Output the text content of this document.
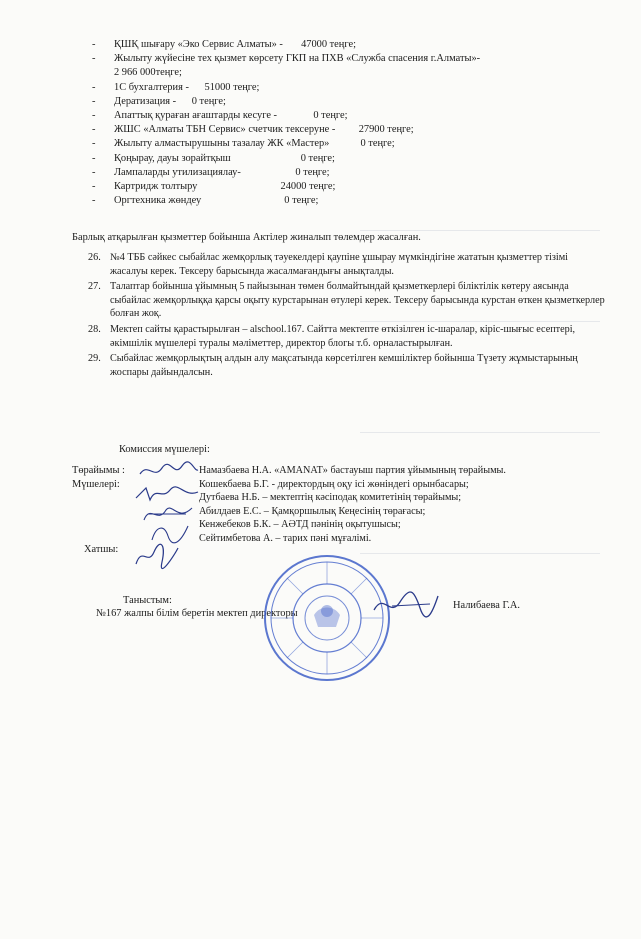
- ҚШҚ шығару «Эко Сервис Алматы» - 47000 теңге;
- Жылыту жүйесіне тех қызмет көрсету ГКП на ПХВ «Служба спасения г.Алматы»-
2 966 000теңге;
- 1С бухгалтерия - 51000 теңге;
- Дератизация - 0 теңге;
- Апаттық қураған ағаштарды кесуге -	0 теңге;
- ЖШС «Алматы ТБН Сервис» счетчик тексеруне - 27900 теңге;
- Жылыту алмастырушыны тазалау ЖК «Мастер»	0 теңге;
- Қоңырау, дауы зорайтқыш	0 теңге;
- Лампаларды утилизациялау-	0 теңге;
- Картридж толтыру	24000 теңге;
- Оргтехника жөндеу	0 теңге;
Барлық атқарылған қызметтер бойынша Актілер жиналып төлемдер жасалған.
26. №4 ТББ сәйкес сыбайлас жемқорлық тәуекелдері қаупіне ұшырау мүмкіндігіне жататын қызметтер тізімі жасалуы керек. Тексеру барысында жасалмағандығы анықталды.
27. Талаптар бойынша ұйымның 5 пайызынан төмен болмайтындай қызметкерлері біліктілік көтеру аясында сыбайлас жемқорлыққа қарсы оқыту курстарынан өтулері керек. Тексеру барысында курстан өткен қызметкерлер болған жоқ.
28. Мектеп сайты қарастырылған – alschool.167. Сайтта мектепте өткізілген іс-шаралар, кіріс-шығыс есептері, әкімшілік мүшелері туралы мәліметтер, директор блогы т.б. орналастырылған.
29. Сыбайлас жемқорлықтың алдын алу мақсатында көрсетілген кемшіліктер бойынша Түзету жұмыстарының жоспары дайындалсын.
Комиссия мүшелері:
Төрайымы :
Мүшелері:
Намазбаева Н.А. «AMANAT» бастауыш партия ұйымының төрайымы.
Кошекбаева Б.Г. - директордың оқу ісі жөніндегі орынбасары;
Дутбаева Н.Б. – мектептің кәсіподақ комитетінің төрайымы;
Абилдаев Е.С. – Қамқоршылық Кеңесінің төрағасы;
Кенжебеков Б.К. – АӘТД пәнінің оқытушысы;
Сейтимбетова А. – тарих пәні мұғалімі.
Хатшы:
Таныстым:
№167 жалпы білім беретін мектеп директоры
Налибаева Г.А.
